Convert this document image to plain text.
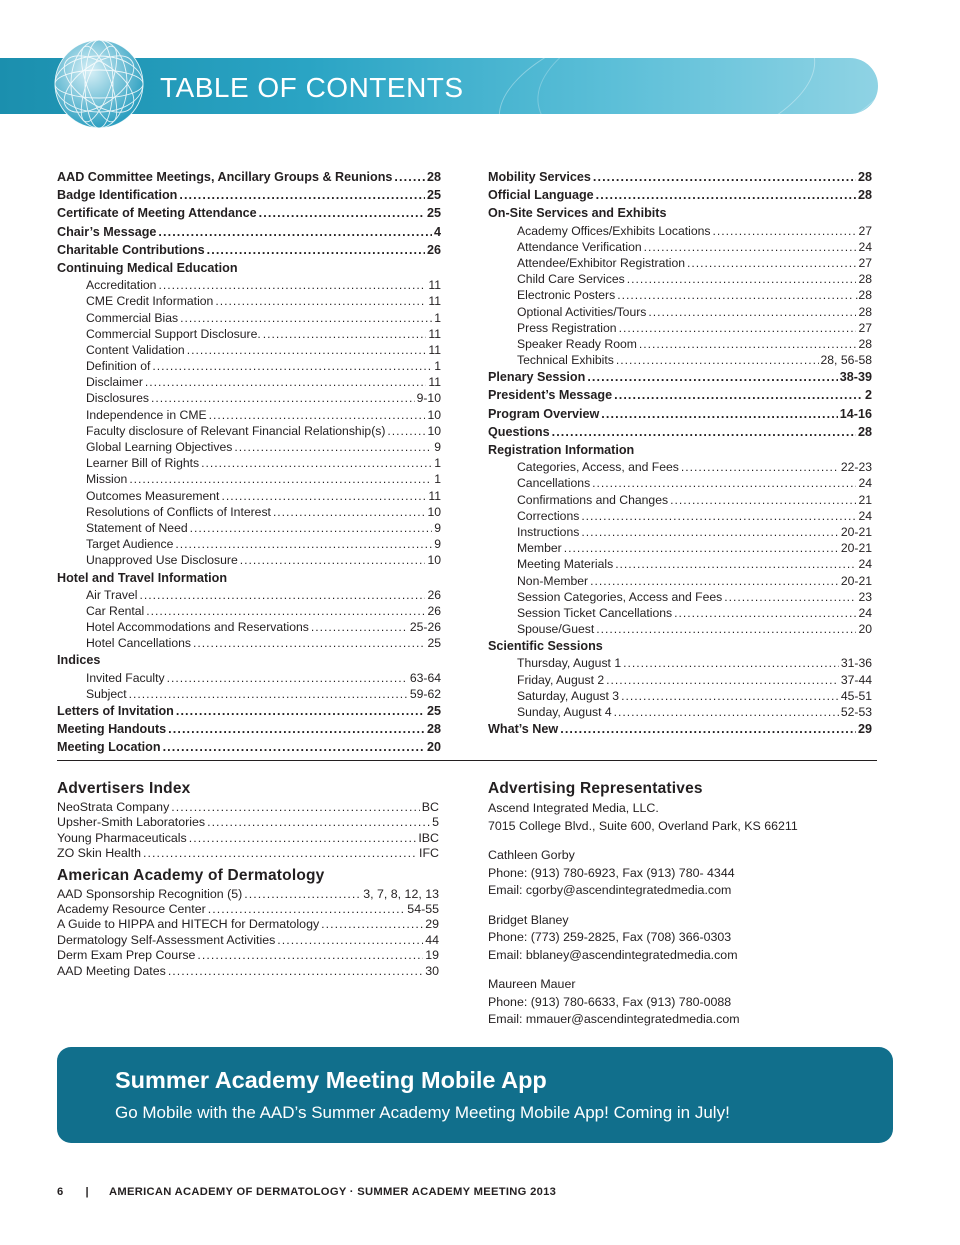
TABLE OF CONTENTS
AAD Committee Meetings, Ancillary Groups & Reunions . . .	28
Badge Identification . . .	25
Certificate of Meeting Attendance . . .	25
Chair’s Message . . .	4
Charitable Contributions . . .	26
Continuing Medical Education
Accreditation . . .	11
CME Credit Information . . .	11
Commercial Bias . . .	1
Commercial Support Disclosure. . . .	11
Content Validation . . .	11
Definition of . . .	1
Disclaimer . . .	11
Disclosures . . .	9-10
Independence in CME . . .	10
Faculty disclosure of Relevant Financial Relationship(s) . . .	10
Global Learning Objectives . . .	9
Learner Bill of Rights . . .	1
Mission . . .	1
Outcomes Measurement . . .	11
Resolutions of Conflicts of Interest . . .	10
Statement of Need . . .	9
Target Audience . . .	9
Unapproved Use Disclosure . . .	10
Hotel and Travel Information
Air Travel . . .	26
Car Rental . . .	26
Hotel Accommodations and Reservations . . .	25-26
Hotel Cancellations . . .	25
Indices
Invited Faculty . . .	63-64
Subject . . .	59-62
Letters of Invitation . . .	25
Meeting Handouts . . .	28
Meeting Location . . .	20
Mobility Services . . .	28
Official Language . . .	28
On-Site Services and Exhibits
Academy Offices/Exhibits Locations . . .	27
Attendance Verification . . .	24
Attendee/Exhibitor Registration . . .	27
Child Care Services . . .	28
Electronic Posters . . .	.28
Optional Activities/Tours . . .	28
Press Registration . . .	27
Speaker Ready Room . . .	28
Technical Exhibits . . .	28, 56-58
Plenary Session . . .	38-39
President’s Message . . .	2
Program Overview . . .	14-16
Questions . . .	28
Registration Information
Categories, Access, and Fees . . .	22-23
Cancellations . . .	24
Confirmations and Changes . . .	21
Corrections . . .	24
Instructions . . .	20-21
Member . . .	20-21
Meeting Materials . . .	24
Non-Member . . .	20-21
Session Categories, Access and Fees . . .	23
Session Ticket Cancellations . . .	24
Spouse/Guest . . .	20
Scientific Sessions
Thursday, August 1 . . .	31-36
Friday, August 2 . . .	37-44
Saturday, August 3 . . .	45-51
Sunday, August 4 . . .	52-53
What’s New . . .	29
Advertisers Index
NeoStrata Company . . .	BC
Upsher-Smith Laboratories . . .	5
Young Pharmaceuticals . . .	IBC
ZO Skin Health . . .	IFC
American Academy of Dermatology
AAD Sponsorship Recognition (5) . . .	3, 7, 8, 12, 13
Academy Resource Center . . .	54-55
A Guide to HIPPA and HITECH for Dermatology . . .	29
Dermatology Self-Assessment Activities . . .	44
Derm Exam Prep Course . . .	19
AAD Meeting Dates . . .	30
Advertising Representatives
Ascend Integrated Media, LLC.
7015 College Blvd., Suite 600, Overland Park, KS 66211
Cathleen Gorby
Phone: (913) 780-6923, Fax (913) 780- 4344
Email: cgorby@ascendintegratedmedia.com
Bridget Blaney
Phone: (773) 259-2825, Fax (708) 366-0303
Email: bblaney@ascendintegratedmedia.com
Maureen Mauer
Phone: (913) 780-6633, Fax (913) 780-0088
Email: mmauer@ascendintegratedmedia.com
Summer Academy Meeting Mobile App
Go Mobile with the AAD’s Summer Academy Meeting Mobile App! Coming in July!
6 | AMERICAN ACADEMY OF DERMATOLOGY · SUMMER ACADEMY MEETING 2013
